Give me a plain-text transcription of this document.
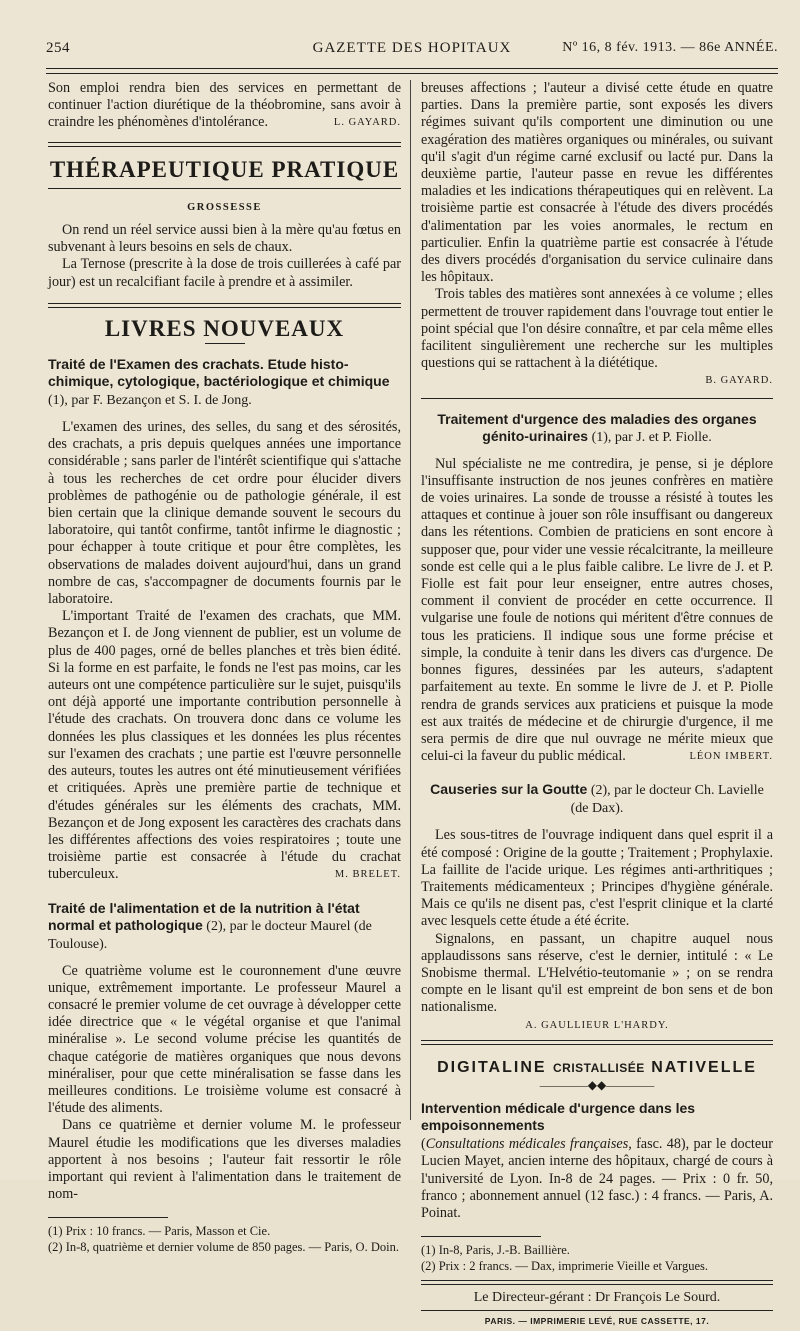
254	GAZETTE DES HOPITAUX	Nº 16, 8 fév. 1913. — 86e ANNÉE.

Son emploi rendra bien des services en permettant de continuer l'action diurétique de la théobromine, sans avoir à craindre les phénomènes d'intolérance.	L. GAYARD.

THÉRAPEUTIQUE PRATIQUE
GROSSESSE

On rend un réel service aussi bien à la mère qu'au fœtus en subvenant à leurs besoins en sels de chaux.

La Ternose (prescrite à la dose de trois cuillerées à café par jour) est un recalcifiant facile à prendre et à assimiler.

LIVRES NOUVEAUX
Traité de l'Examen des crachats. Etude histo-chimique, cytologique, bactériologique et chimique (1), par F. Bezançon et S. I. de Jong.

L'examen des urines, des selles, du sang et des sérosités, des crachats, a pris depuis quelques années une importance considérable ; sans parler de l'intérêt scientifique qui s'attache à tous les recherches de cet ordre pour élucider divers problèmes de pathogénie ou de pathologie générale, il est bien certain que la clinique demande souvent le secours du laboratoire, qui tantôt confirme, tantôt infirme le diagnostic ; pour échapper à toute critique et pour être complètes, les observations de malades doivent aujourd'hui, dans un grand nombre de cas, s'accompagner de documents fournis par le laboratoire.

L'important Traité de l'examen des crachats, que MM. Bezançon et I. de Jong viennent de publier, est un volume de plus de 400 pages, orné de belles planches et très bien édité. Si la forme en est parfaite, le fonds ne l'est pas moins, car les auteurs ont une compétence particulière sur le sujet, puisqu'ils ont déjà apporté une importante contribution personnelle à l'étude des crachats. On trouvera donc dans ce volume les données les plus classiques et les données les plus récentes sur l'examen des crachats ; une partie est l'œuvre personnelle des auteurs, toutes les autres ont été minutieusement vérifiées et critiquées. Après une première partie de technique et d'études générales sur les éléments des crachats, MM. Bezançon et de Jong exposent les caractères des crachats dans les différentes affections des voies respiratoires ; toute une troisième partie est consacrée à l'étude du crachat tuberculeux.	M. BRELET.

Traité de l'alimentation et de la nutrition à l'état normal et pathologique (2), par le docteur Maurel (de Toulouse).

Ce quatrième volume est le couronnement d'une œuvre unique, extrêmement importante. Le professeur Maurel a consacré le premier volume de cet ouvrage à développer cette idée directrice que « le végétal organise et que l'animal minéralise ». Le second volume précise les quantités de chaque catégorie de matières organiques que nous devons minéraliser, pour que cette minéralisation se fasse dans les meilleures conditions. Le troisième volume est consacré à l'étude des aliments.

Dans ce quatrième et dernier volume M. le professeur Maurel étudie les modifications que les diverses maladies apportent à nos besoins ; l'auteur fait ressortir le rôle important qui revient à l'alimentation dans le traitement de nom-

(1) Prix : 10 francs. — Paris, Masson et Cie.

(2) In-8, quatrième et dernier volume de 850 pages. — Paris, O. Doin.

breuses affections ; l'auteur a divisé cette étude en quatre parties. Dans la première partie, sont exposés les divers régimes suivant qu'ils comportent une diminution ou une exagération des matières organiques ou minérales, ou suivant qu'il s'agit d'un régime carné exclusif ou lacté pur. Dans la deuxième partie, l'auteur passe en revue les différentes maladies et les indications thérapeutiques qui en relèvent. La troisième partie est consacrée à l'étude des divers procédés d'alimentation par les voies anormales, le rectum en particulier. Enfin la quatrième partie est consacrée à l'étude des divers procédés d'organisation du service culinaire dans les hôpitaux.

Trois tables des matières sont annexées à ce volume ; elles permettent de trouver rapidement dans l'ouvrage tout entier le point spécial que l'on désire connaître, et par cela même elles facilitent singulièrement une recherche sur les multiples questions qui se rattachent à la diététique.

B. GAYARD.
Traitement d'urgence des maladies des organes génito-urinaires (1), par J. et P. Fiolle.

Nul spécialiste ne me contredira, je pense, si je déplore l'insuffisante instruction de nos jeunes confrères en matière de voies urinaires. La sonde de trousse a résisté à toutes les attaques et continue à jouer son rôle insuffisant ou dangereux dans les rétentions. Combien de praticiens en sont encore à supposer que, pour vider une vessie récalcitrante, la meilleure sonde est celle qui a le plus faible calibre. Le livre de J. et P. Fiolle est fait pour leur enseigner, entre autres choses, comment il convient de procéder en cette occurrence. Il vulgarise une foule de notions qui méritent d'être connues de tous les praticiens. Il indique sous une forme précise et simple, la conduite à tenir dans les divers cas d'urgence. De bonnes figures, dessinées par les auteurs, s'adaptent parfaitement au texte. En somme le livre de J. et P. Piolle rendra de grands services aux praticiens et puisque la mode est aux traités de médecine et de chirurgie d'urgence, il me sera permis de dire que nul ouvrage ne mérite mieux que celui-ci la faveur du public médical.	LÉON IMBERT.

Causeries sur la Goutte (2), par le docteur Ch. Lavielle (de Dax).

Les sous-titres de l'ouvrage indiquent dans quel esprit il a été composé : Origine de la goutte ; Traitement ; Prophylaxie. La faillite de l'acide urique. Les régimes anti-arthritiques ; Traitements médicamenteux ; Principes d'hygiène générale. Mais ce qu'ils ne disent pas, c'est l'esprit clinique et la clarté avec lesquels cette étude a été écrite.

Signalons, en passant, un chapitre auquel nous applaudissons sans réserve, c'est le dernier, intitulé : « Le Snobisme thermal. L'Helvétio-teutomanie » ; on se rendra compte en le lisant qu'il est empreint de bon sens et de bon nationalisme.

A. GAULLIEUR L'HARDY.
DIGITALINE CRISTALLISÉE NATIVELLE
————◆◆————
Intervention médicale d'urgence dans les empoisonnements

(Consultations médicales françaises, fasc. 48), par le docteur Lucien Mayet, ancien interne des hôpitaux, chargé de cours à l'université de Lyon. In-8 de 24 pages. — Prix : 0 fr. 50, franco ; abonnement annuel (12 fasc.) : 4 francs. — Paris, A. Poinat.

(1) In-8, Paris, J.-B. Baillière.

(2) Prix : 2 francs. — Dax, imprimerie Vieille et Vargues.

Le Directeur-gérant : Dr François Le Sourd.
PARIS. — IMPRIMERIE LEVÉ, RUE CASSETTE, 17.
